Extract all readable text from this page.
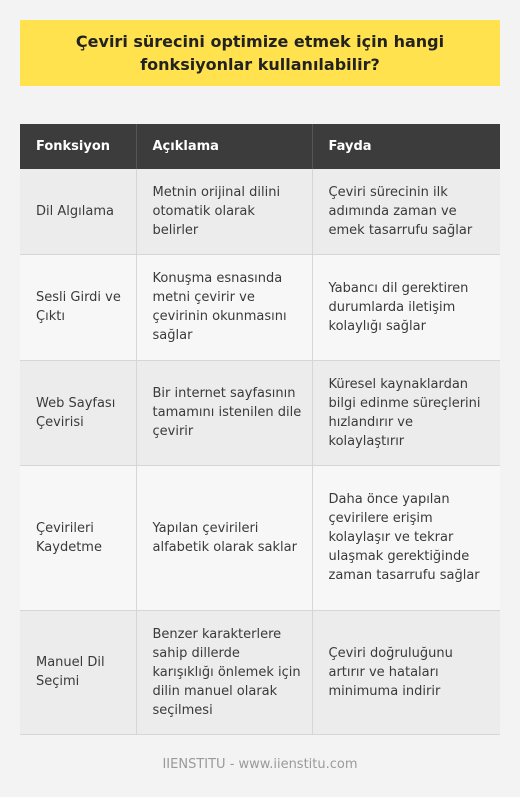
Çeviri sürecini optimize etmek için hangi fonksiyonlar kullanılabilir?
Fonksiyon	Açıklama	Fayda
Dil Algılama	Metnin orijinal dilini otomatik olarak belirler	Çeviri sürecinin ilk adımında zaman ve emek tasarrufu sağlar
Sesli Girdi ve Çıktı	Konuşma esnasında metni çevirir ve çevirinin okunmasını sağlar	Yabancı dil gerektiren durumlarda iletişim kolaylığı sağlar
Web Sayfası Çevirisi	Bir internet sayfasının tamamını istenilen dile çevirir	Küresel kaynaklardan bilgi edinme süreçlerini hızlandırır ve kolaylaştırır
Çevirileri Kaydetme	Yapılan çevirileri alfabetik olarak saklar	Daha önce yapılan çevirilere erişim kolaylaşır ve tekrar ulaşmak gerektiğinde zaman tasarrufu sağlar
Manuel Dil Seçimi	Benzer karakterlere sahip dillerde karışıklığı önlemek için dilin manuel olarak seçilmesi	Çeviri doğruluğunu artırır ve hataları minimuma indirir
IIENSTITU - www.iienstitu.com
